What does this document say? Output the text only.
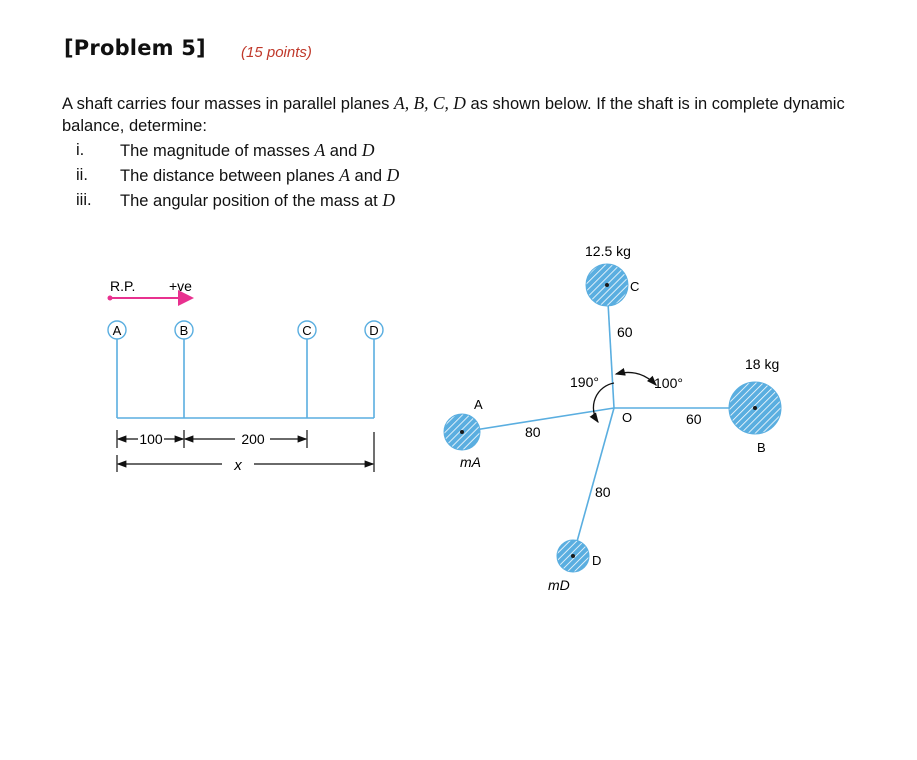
[Problem 5] (15 points)
A shaft carries four masses in parallel planes A, B, C, D as shown below. If the shaft is in complete dynamic balance, determine:
i.	The magnitude of masses A and D
ii.	The distance between planes A and D
iii.	The angular position of the mass at D
R.P. +ve
A	B	C	D
100	200
x
12.5 kg
C
60
18 kg
B
60
A
mA
80
D
mD
80
O
190°	100°
